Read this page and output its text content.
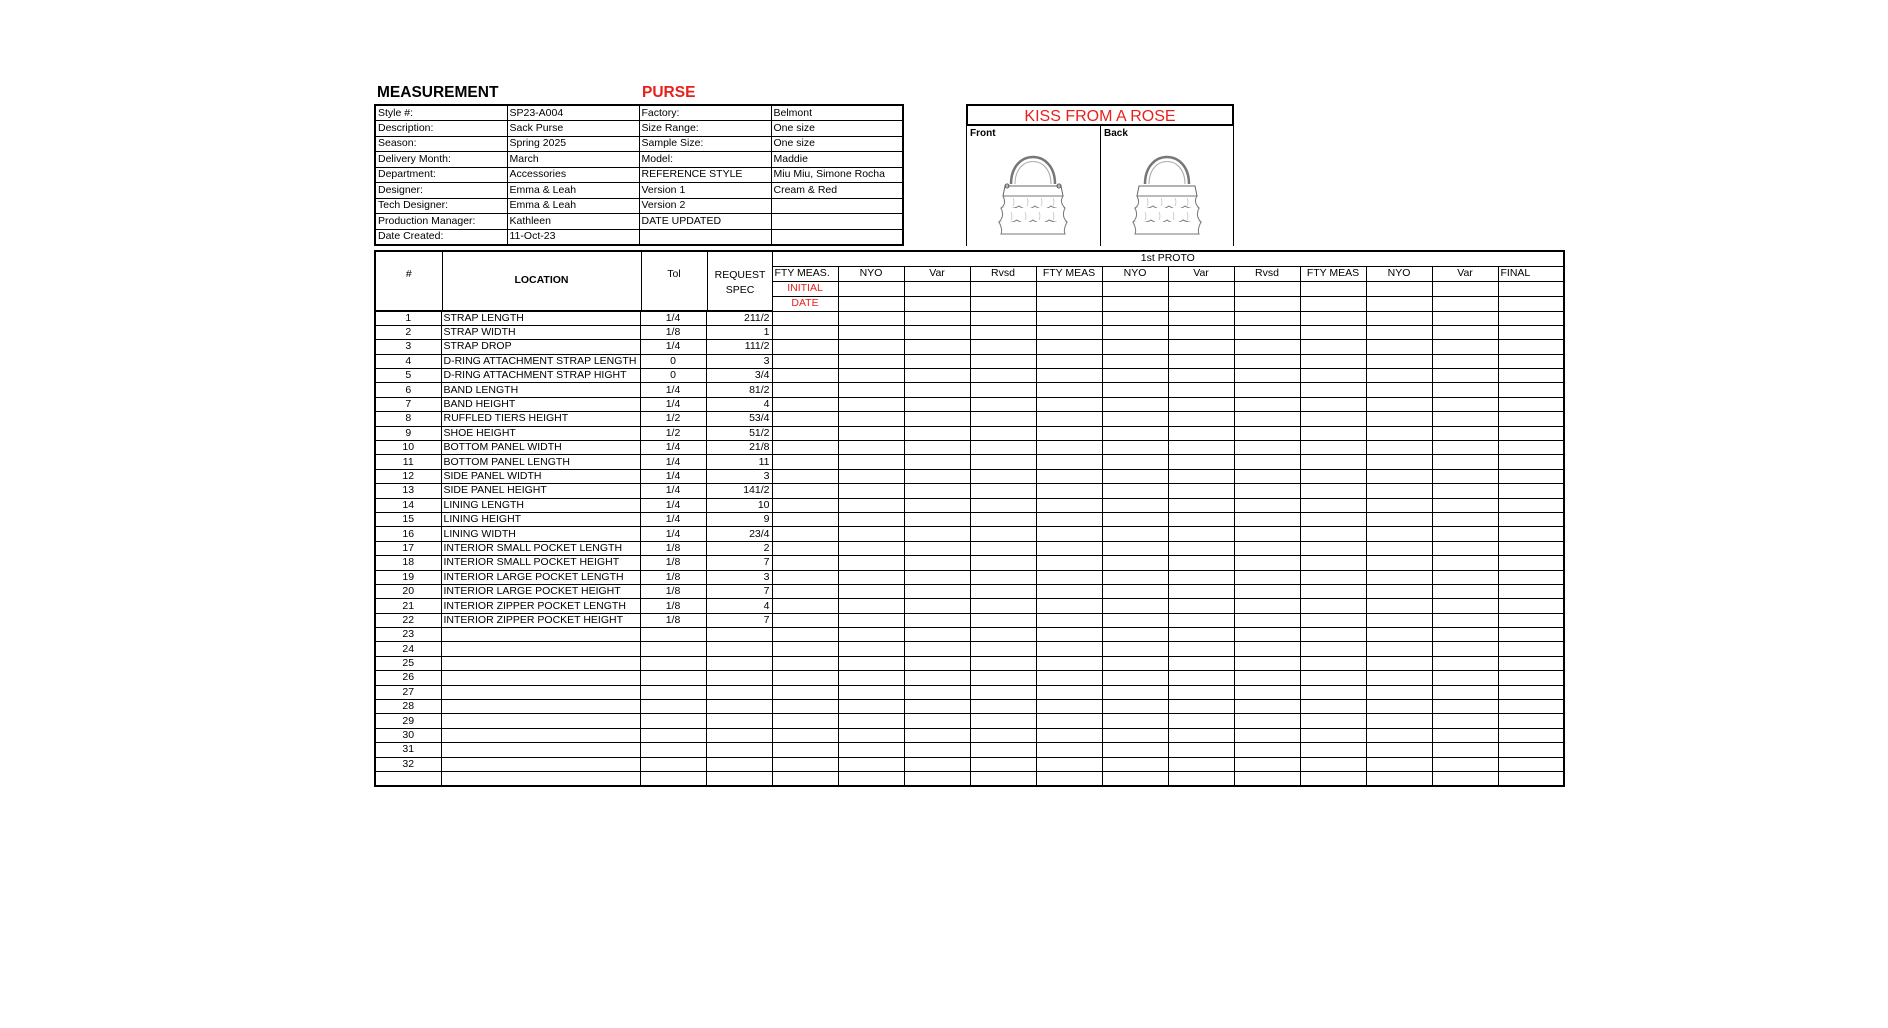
MEASUREMENT	PURSE
Style #:	SP23-A004	Factory:	Belmont
Description:	Sack Purse	Size Range:	One size
Season:	Spring 2025	Sample Size:	One size
Delivery Month:	March	Model:	Maddie
Department:	Accessories	REFERENCE STYLE	Miu Miu, Simone Rocha
Designer:	Emma & Leah	Version 1	Cream & Red
Tech Designer:	Emma & Leah	Version 2	
Production Manager:	Kathleen	DATE UPDATED	
Date Created:	11-Oct-23		
KISS FROM A ROSE
Front	Back
#	LOCATION	Tol	REQUEST
SPEC
	1st PROTO
FTY MEAS.	NYO	Var	Rvsd	FTY MEAS	NYO	Var	Rvsd	FTY MEAS	NYO	Var	FINAL
INITIAL											
DATE											
1	STRAP LENGTH	1/4	211/2												
2	STRAP WIDTH	1/8	1												
3	STRAP DROP	1/4	111/2												
4	D-RING ATTACHMENT STRAP LENGTH	0	3												
5	D-RING ATTACHMENT STRAP HIGHT	0	3/4												
6	BAND LENGTH	1/4	81/2												
7	BAND HEIGHT	1/4	4												
8	RUFFLED TIERS HEIGHT	1/2	53/4												
9	SHOE HEIGHT	1/2	51/2												
10	BOTTOM PANEL WIDTH	1/4	21/8												
11	BOTTOM PANEL LENGTH	1/4	11												
12	SIDE PANEL WIDTH	1/4	3												
13	SIDE PANEL HEIGHT	1/4	141/2												
14	LINING LENGTH	1/4	10												
15	LINING HEIGHT	1/4	9												
16	LINING WIDTH	1/4	23/4												
17	INTERIOR SMALL POCKET LENGTH	1/8	2												
18	INTERIOR SMALL POCKET HEIGHT	1/8	7												
19	INTERIOR LARGE POCKET LENGTH	1/8	3												
20	INTERIOR LARGE POCKET HEIGHT	1/8	7												
21	INTERIOR ZIPPER POCKET LENGTH	1/8	4												
22	INTERIOR ZIPPER POCKET HEIGHT	1/8	7												
23															
24															
25															
26															
27															
28															
29															
30															
31															
32															
